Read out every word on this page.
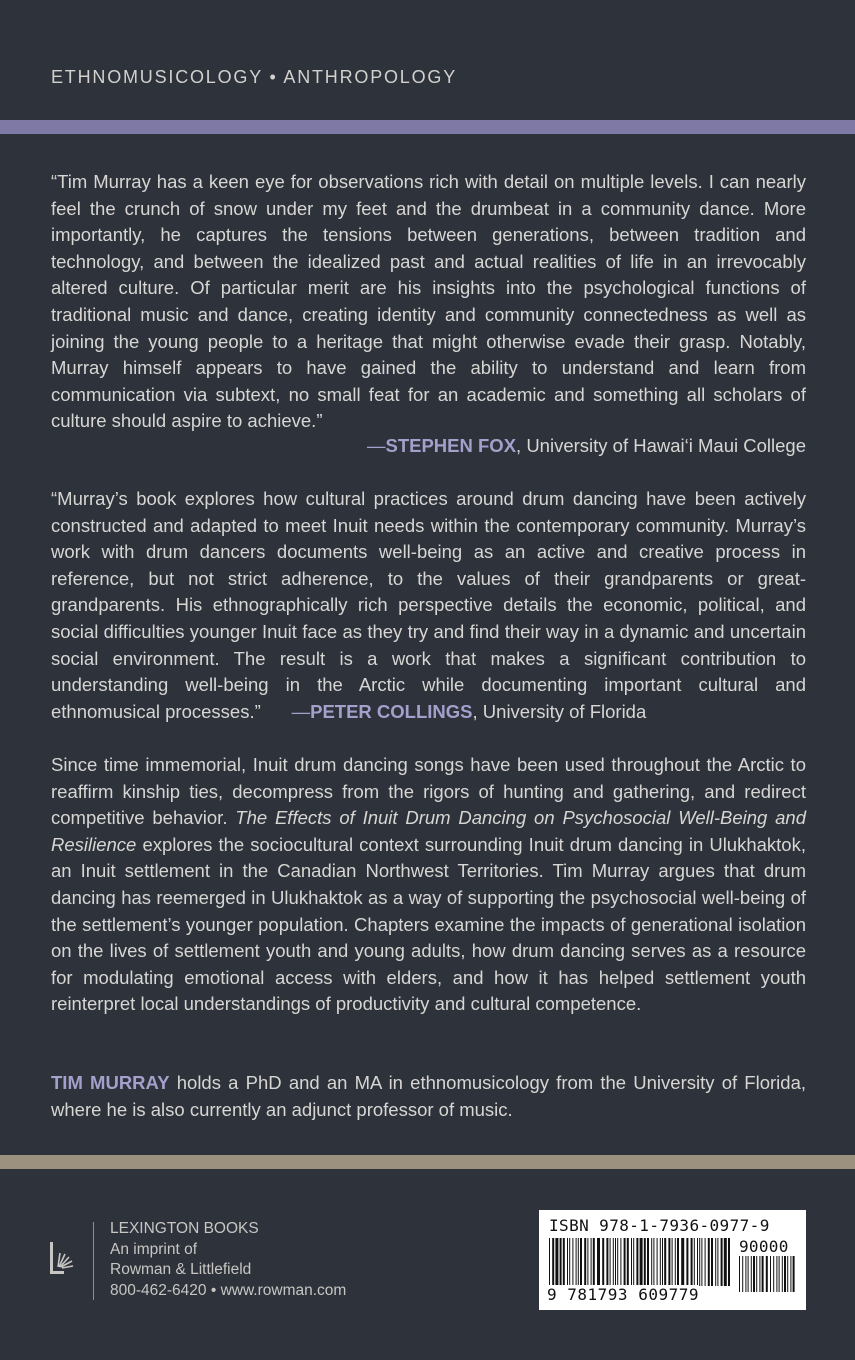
ETHNOMUSICOLOGY • ANTHROPOLOGY

“Tim Murray has a keen eye for observations rich with detail on multiple levels. I can nearly feel the crunch of snow under my feet and the drumbeat in a community dance. More importantly, he captures the tensions between generations, between tradition and technology, and between the idealized past and actual realities of life in an irrevocably altered culture. Of particular merit are his insights into the psychological functions of traditional music and dance, creating identity and community connectedness as well as joining the young people to a heritage that might otherwise evade their grasp. Notably, Murray himself appears to have gained the ability to understand and learn from communication via subtext, no small feat for an academic and something all scholars of culture should aspire to achieve.”

—STEPHEN FOX, University of Hawai‘i Maui College

“Murray’s book explores how cultural practices around drum dancing have been actively constructed and adapted to meet Inuit needs within the contemporary community. Murray’s work with drum dancers documents well-being as an active and creative process in reference, but not strict adherence, to the values of their grandparents or great-grandparents. His ethnographically rich perspective details the economic, political, and social difficulties younger Inuit face as they try and find their way in a dynamic and uncertain social environment. The result is a work that makes a significant contribution to understanding well-being in the Arctic while documenting important cultural and ethnomusical processes.” —PETER COLLINGS, University of Florida

Since time immemorial, Inuit drum dancing songs have been used throughout the Arctic to reaffirm kinship ties, decompress from the rigors of hunting and gathering, and redirect competitive behavior. The Effects of Inuit Drum Dancing on Psychosocial Well-Being and Resilience explores the sociocultural context surrounding Inuit drum dancing in Ulukhaktok, an Inuit settlement in the Canadian Northwest Territories. Tim Murray argues that drum dancing has reemerged in Ulukhaktok as a way of supporting the psychosocial well-being of the settlement’s younger population. Chapters examine the impacts of generational isolation on the lives of settlement youth and young adults, how drum dancing serves as a resource for modulating emotional access with elders, and how it has helped settlement youth reinterpret local understandings of productivity and cultural competence.

TIM MURRAY holds a PhD and an MA in ethnomusicology from the University of Florida, where he is also currently an adjunct professor of music.

LEXINGTON BOOKS
An imprint of
Rowman & Littlefield
800-462-6420 • www.rowman.com
ISBN 978-1-7936-0977-9
90000
9 781793 609779
